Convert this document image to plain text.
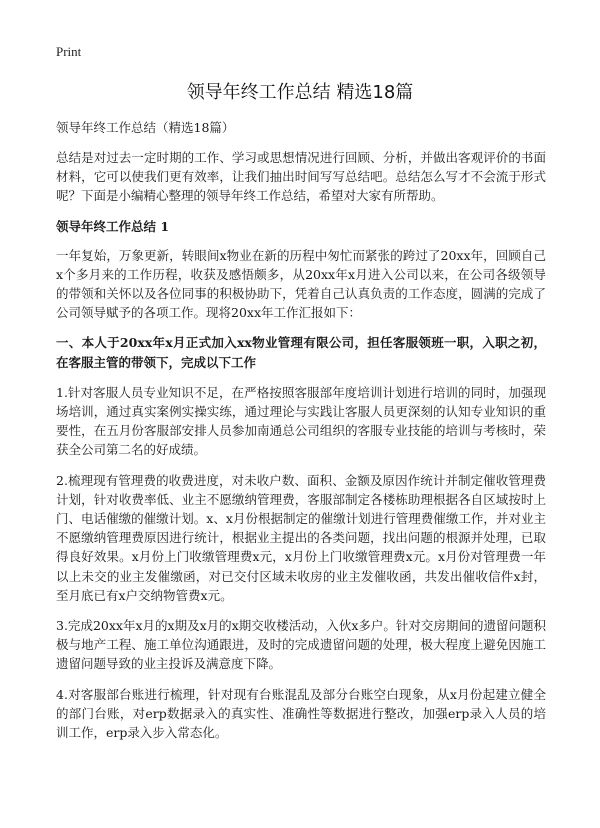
Print
领导年终工作总结 精选18篇
领导年终工作总结（精选18篇）

总结是对过去一定时期的工作、学习或思想情况进行回顾、分析，并做出客观评价的书面材料，它可以使我们更有效率，让我们抽出时间写写总结吧。总结怎么写才不会流于形式呢？下面是小编精心整理的领导年终工作总结，希望对大家有所帮助。

领导年终工作总结 1

一年复始，万象更新，转眼间x物业在新的历程中匆忙而紧张的跨过了20xx年，回顾自己x个多月来的工作历程，收获及感悟颇多，从20xx年x月进入公司以来，在公司各级领导的带领和关怀以及各位同事的积极协助下，凭着自己认真负责的工作态度，圆满的完成了公司领导赋予的各项工作。现将20xx年工作汇报如下：

一、本人于20xx年x月正式加入xx物业管理有限公司，担任客服领班一职，入职之初，在客服主管的带领下，完成以下工作

1.针对客服人员专业知识不足，在严格按照客服部年度培训计划进行培训的同时，加强现场培训，通过真实案例实操实练，通过理论与实践让客服人员更深刻的认知专业知识的重要性，在五月份客服部安排人员参加南通总公司组织的客服专业技能的培训与考核时，荣获全公司第二名的好成绩。

2.梳理现有管理费的收费进度，对未收户数、面积、金额及原因作统计并制定催收管理费计划，针对收费率低、业主不愿缴纳管理费，客服部制定各楼栋助理根据各自区域按时上门、电话催缴的催缴计划。x、x月份根据制定的催缴计划进行管理费催缴工作，并对业主不愿缴纳管理费原因进行统计，根据业主提出的各类问题，找出问题的根源并处理，已取得良好效果。x月份上门收缴管理费x元，x月份上门收缴管理费x元。x月份对管理费一年以上未交的业主发催缴函，对已交付区域未收房的业主发催收函，共发出催收信件x封，至月底已有x户交纳物管费x元。

3.完成20xx年x月的x期及x月的x期交收楼活动，入伙x多户。针对交房期间的遗留问题积极与地产工程、施工单位沟通跟进，及时的完成遗留问题的处理，极大程度上避免因施工遗留问题导致的业主投诉及满意度下降。

4.对客服部台账进行梳理，针对现有台账混乱及部分台账空白现象，从x月份起建立健全的部门台账，对erp数据录入的真实性、准确性等数据进行整改，加强erp录入人员的培训工作，erp录入步入常态化。
